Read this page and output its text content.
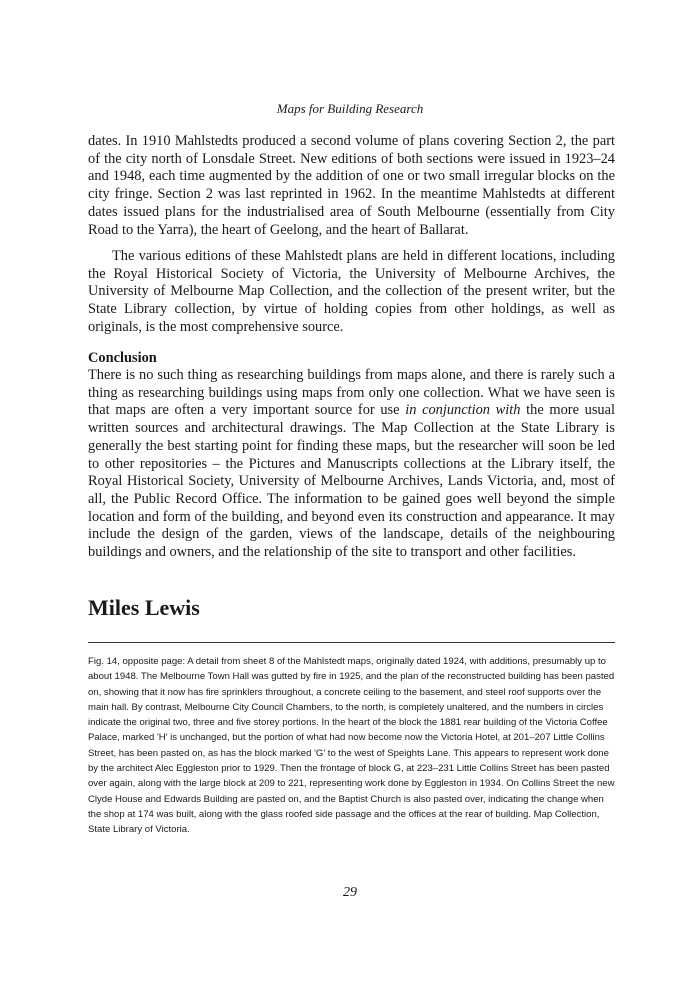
Maps for Building Research

dates. In 1910 Mahlstedts produced a second volume of plans covering Section 2, the part of the city north of Lonsdale Street. New editions of both sections were issued in 1923–24 and 1948, each time augmented by the addition of one or two small irregular blocks on the city fringe. Section 2 was last reprinted in 1962. In the meantime Mahlstedts at different dates issued plans for the industrialised area of South Melbourne (essentially from City Road to the Yarra), the heart of Geelong, and the heart of Ballarat.

The various editions of these Mahlstedt plans are held in different locations, including the Royal Historical Society of Victoria, the University of Melbourne Archives, the University of Melbourne Map Collection, and the collection of the present writer, but the State Library collection, by virtue of holding copies from other holdings, as well as originals, is the most comprehensive source.

Conclusion

There is no such thing as researching buildings from maps alone, and there is rarely such a thing as researching buildings using maps from only one collection. What we have seen is that maps are often a very important source for use in conjunction with the more usual written sources and architectural drawings. The Map Collection at the State Library is generally the best starting point for finding these maps, but the researcher will soon be led to other repositories – the Pictures and Manuscripts collections at the Library itself, the Royal Historical Society, University of Melbourne Archives, Lands Victoria, and, most of all, the Public Record Office. The information to be gained goes well beyond the simple location and form of the building, and beyond even its construction and appearance. It may include the design of the garden, views of the landscape, details of the neighbouring buildings and owners, and the relationship of the site to transport and other facilities.

Miles Lewis
Fig. 14, opposite page: A detail from sheet 8 of the Mahlstedt maps, originally dated 1924, with additions, presumably up to about 1948. The Melbourne Town Hall was gutted by fire in 1925, and the plan of the reconstructed building has been pasted on, showing that it now has fire sprinklers throughout, a concrete ceiling to the basement, and steel roof supports over the main hall. By contrast, Melbourne City Council Chambers, to the north, is completely unaltered, and the numbers in circles indicate the original two, three and five storey portions. In the heart of the block the 1881 rear building of the Victoria Coffee Palace, marked 'H' is unchanged, but the portion of what had now become now the Victoria Hotel, at 201–207 Little Collins Street, has been pasted on, as has the block marked 'G' to the west of Speights Lane. This appears to represent work done by the architect Alec Eggleston prior to 1929. Then the frontage of block G, at 223–231 Little Collins Street has been pasted over again, along with the large block at 209 to 221, representing work done by Eggleston in 1934. On Collins Street the new Clyde House and Edwards Building are pasted on, and the Baptist Church is also pasted over, indicating the change when the shop at 174 was built, along with the glass roofed side passage and the offices at the rear of building. Map Collection, State Library of Victoria.
29
